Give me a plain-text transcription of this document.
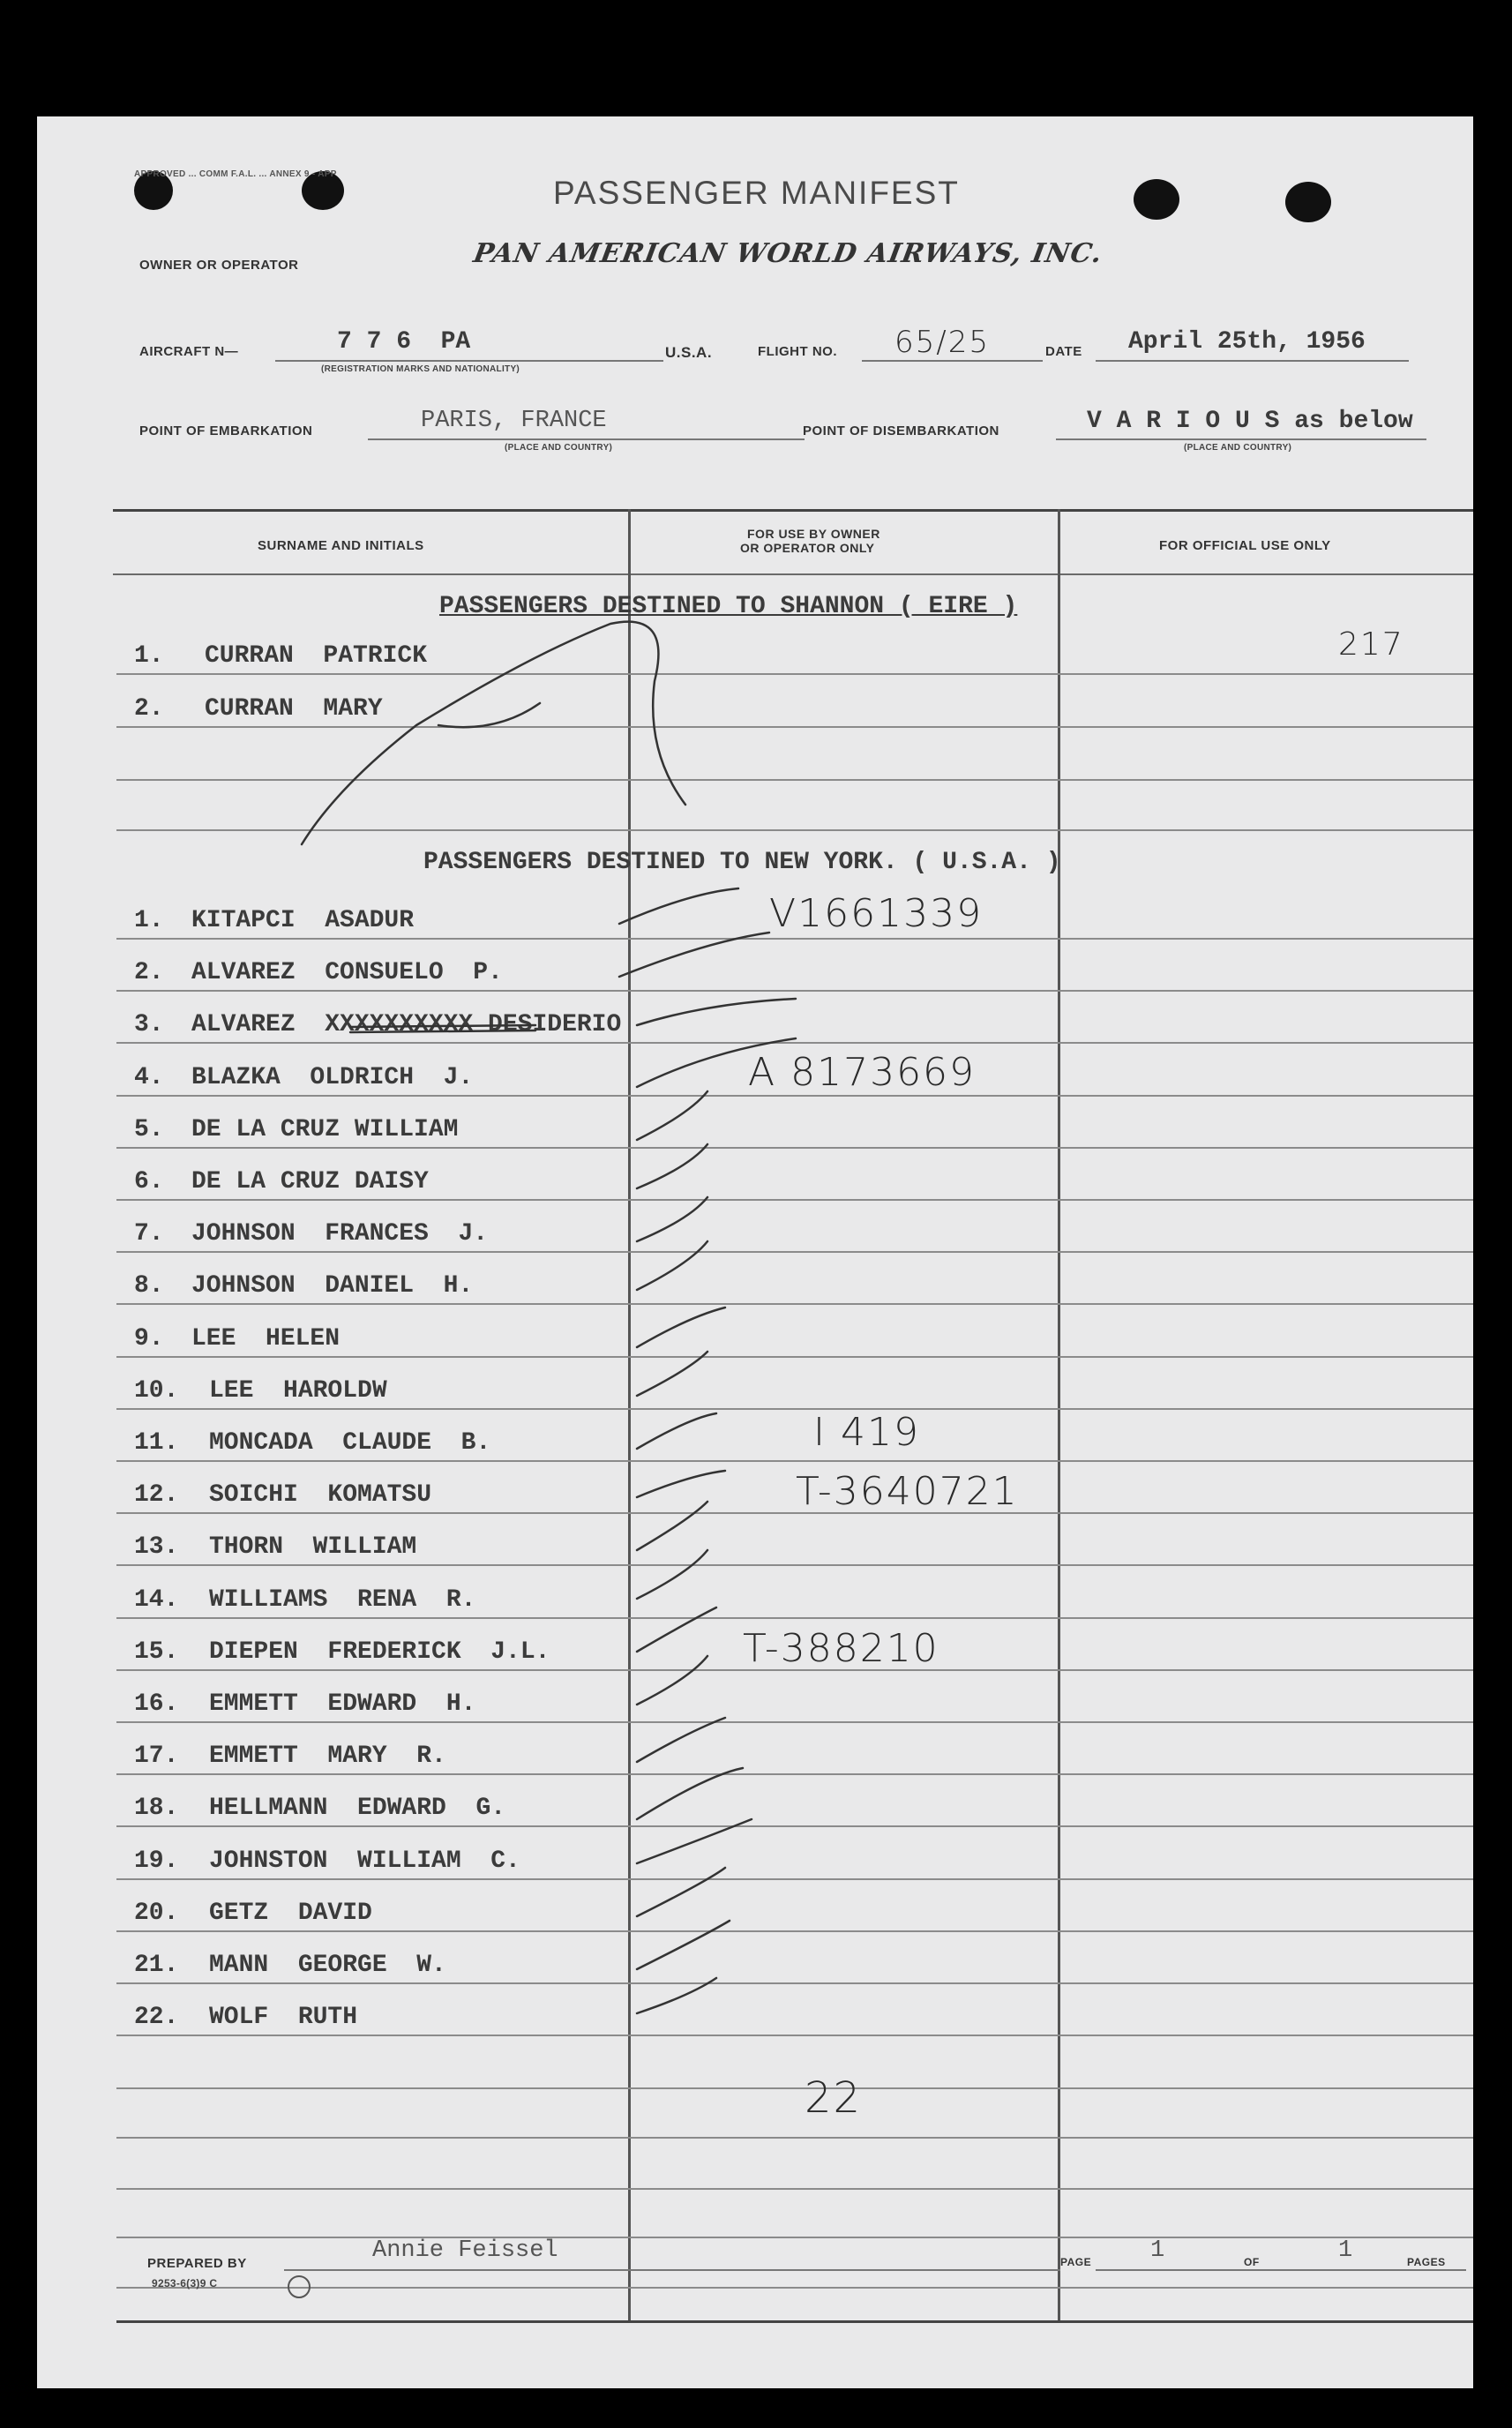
APPROVED ... COMM F.A.L. ... ANNEX 9 - APP
PASSENGER MANIFEST
OWNER OR OPERATOR	PAN AMERICAN WORLD AIRWAYS, INC.
AIRCRAFT N—	7 7 6  PA
(REGISTRATION MARKS AND NATIONALITY)
U.S.A.	FLIGHT NO. 65/25	DATE April 25th, 1956
POINT OF EMBARKATION	PARIS, FRANCE
(PLACE AND COUNTRY)
POINT OF DISEMBARKATION	V A R I O U S as below
(PLACE AND COUNTRY)
SURNAME AND INITIALS
FOR USE BY OWNER
OR OPERATOR ONLY	FOR OFFICIAL USE ONLY
PASSENGERS DESTINED TO SHANNON ( EIRE )
217
1. CURRAN  PATRICK
2. CURRAN  MARY
PASSENGERS DESTINED TO NEW YORK. ( U.S.A. )
1. KITAPCI  ASADUR	V1661339
2. ALVAREZ  CONSUELO  P.
3. ALVAREZ  XXXXXXXXXX DESIDERIO
4. BLAZKA  OLDRICH  J.	A 8173669
5. DE LA CRUZ WILLIAM
6. DE LA CRUZ DAISY
7. JOHNSON  FRANCES  J.
8. JOHNSON  DANIEL  H.
9. LEE  HELEN
10. LEE  HAROLDW
11. MONCADA  CLAUDE  B.	I 419
12. SOICHI  KOMATSU	T-3640721
13. THORN  WILLIAM
14. WILLIAMS  RENA  R.
15. DIEPEN  FREDERICK  J.L.	T-388210
16. EMMETT  EDWARD  H.
17. EMMETT  MARY  R.
18. HELLMANN  EDWARD  G.
19. JOHNSTON  WILLIAM  C.
20. GETZ  DAVID
21. MANN  GEORGE  W.
22. WOLF  RUTH
22
PREPARED BY	Annie Feissel
9253-6(3)9 C
PAGE 1	OF	1	PAGES
